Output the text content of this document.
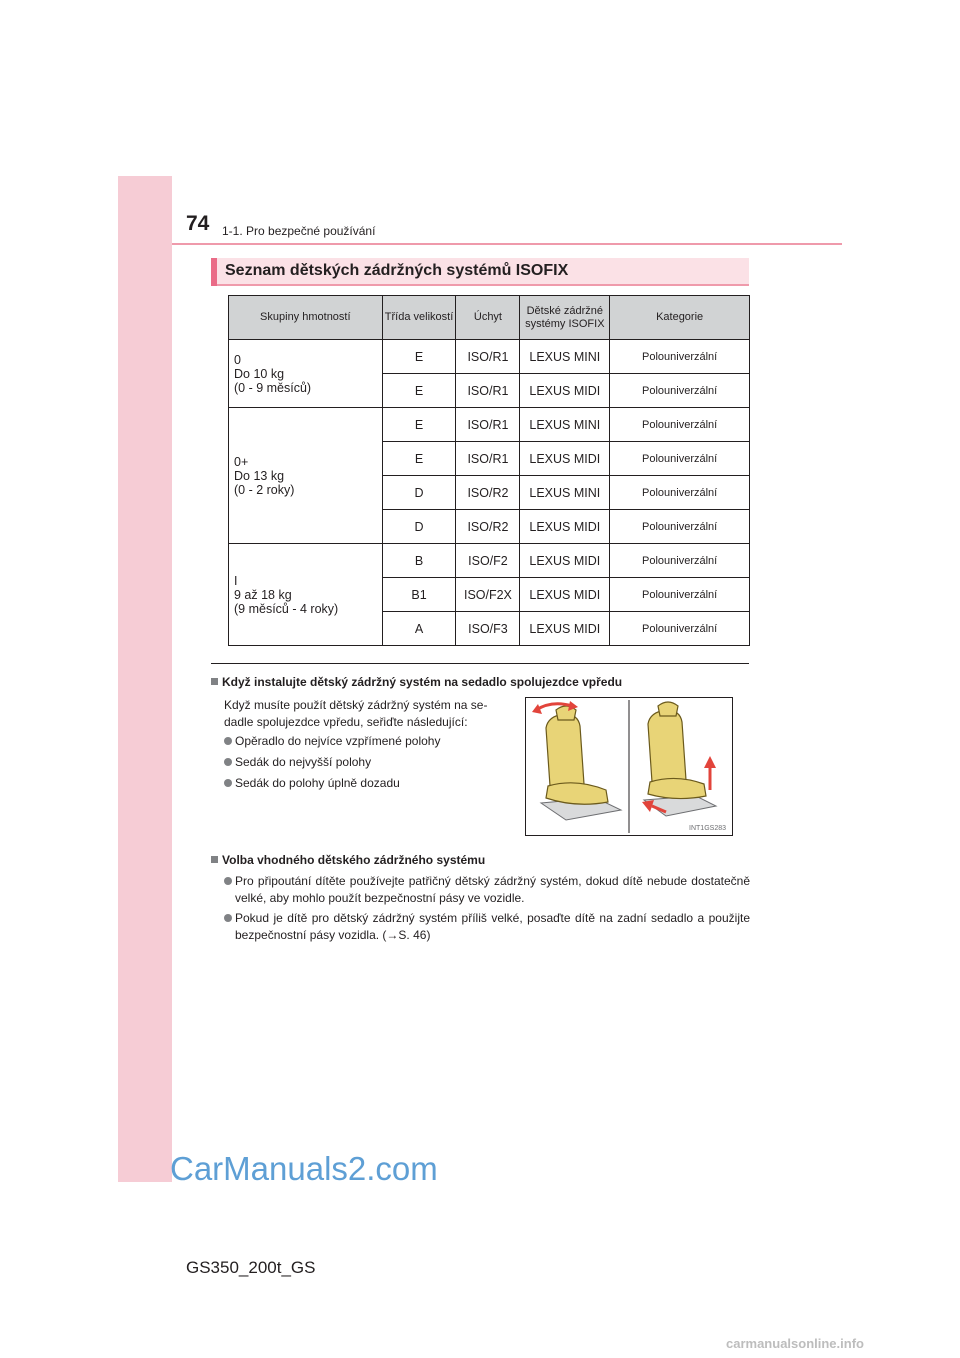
74 1-1. Pro bezpečné používání
Seznam dětských zádržných systémů ISOFIX
Skupiny hmotností	Třída velikostí	Úchyt	Dětské zádržné systémy ISOFIX	Kategorie
0
Do 10 kg
(0 - 9 měsíců)	E	ISO/R1	LEXUS MINI	Polouniverzální
	E	ISO/R1	LEXUS MIDI	Polouniverzální
0+
Do 13 kg
(0 - 2 roky)	E	ISO/R1	LEXUS MINI	Polouniverzální
	E	ISO/R1	LEXUS MIDI	Polouniverzální
	D	ISO/R2	LEXUS MINI	Polouniverzální
	D	ISO/R2	LEXUS MIDI	Polouniverzální
I
9 až 18 kg
(9 měsíců - 4 roky)	B	ISO/F2	LEXUS MIDI	Polouniverzální
	B1	ISO/F2X	LEXUS MIDI	Polouniverzální
	A	ISO/F3	LEXUS MIDI	Polouniverzální
Když instalujte dětský zádržný systém na sedadlo spolujezdce vpředu
Když musíte použít dětský zádržný systém na se-
dadle spolujezdce vpředu, seřiďte následující:
Opěradlo do nejvíce vzpřímené polohy
Sedák do nejvyšší polohy
Sedák do polohy úplně dozadu
INT1GS283
Volba vhodného dětského zádržného systému
Pro připoutání dítěte používejte patřičný dětský zádržný systém, dokud dítě nebude dostatečně velké, aby mohlo použít bezpečnostní pásy ve vozidle.
Pokud je dítě pro dětský zádržný systém příliš velké, posaďte dítě na zadní sedadlo a použijte bezpečnostní pásy vozidla. (→S. 46)
CarManuals2.com
GS350_200t_GS
carmanualsonline.info
